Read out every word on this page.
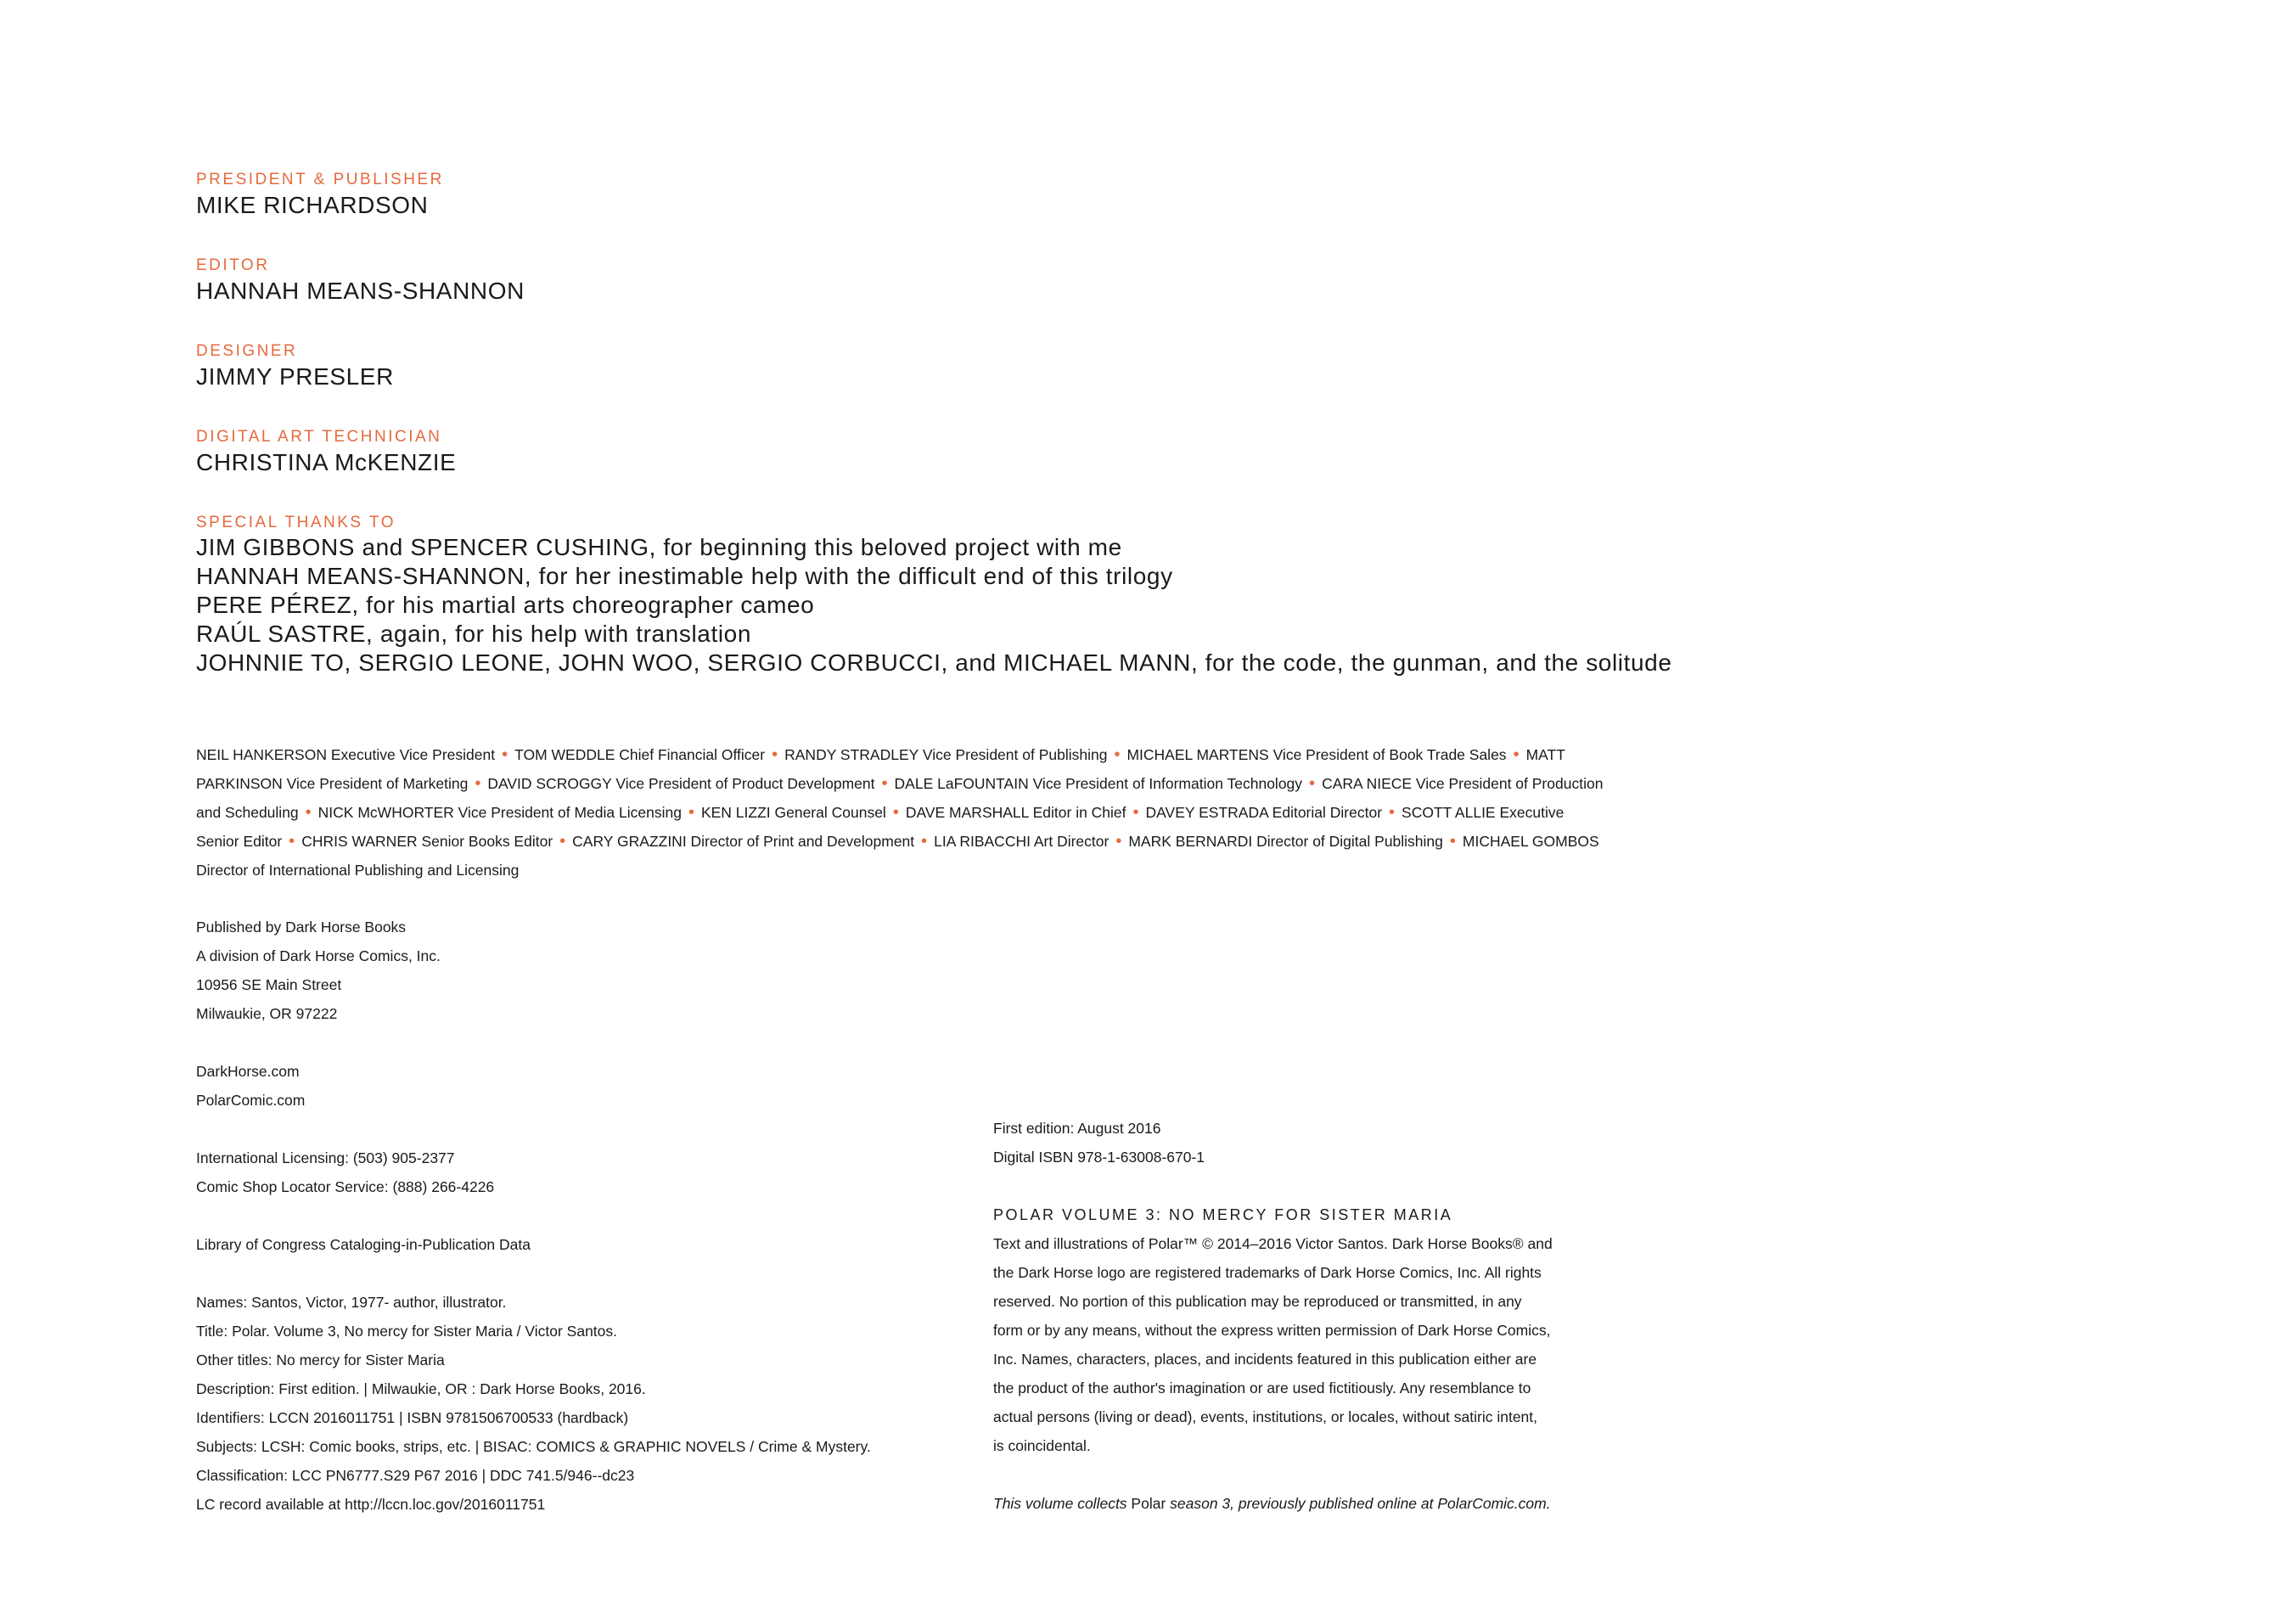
PRESIDENT & PUBLISHER
MIKE RICHARDSON
EDITOR
HANNAH MEANS-SHANNON
DESIGNER
JIMMY PRESLER
DIGITAL ART TECHNICIAN
CHRISTINA McKENZIE
SPECIAL THANKS TO
JIM GIBBONS and SPENCER CUSHING, for beginning this beloved project with me
HANNAH MEANS-SHANNON, for her inestimable help with the difficult end of this trilogy
PERE PÉREZ, for his martial arts choreographer cameo
RAÚL SASTRE, again, for his help with translation
JOHNNIE TO, SERGIO LEONE, JOHN WOO, SERGIO CORBUCCI, and MICHAEL MANN, for the code, the gunman, and the solitude
NEIL HANKERSON Executive Vice President • TOM WEDDLE Chief Financial Officer • RANDY STRADLEY Vice President of Publishing • MICHAEL MARTENS Vice President of Book Trade Sales • MATT PARKINSON Vice President of Marketing • DAVID SCROGGY Vice President of Product Development • DALE LaFOUNTAIN Vice President of Information Technology • CARA NIECE Vice President of Production and Scheduling • NICK McWHORTER Vice President of Media Licensing • KEN LIZZI General Counsel • DAVE MARSHALL Editor in Chief • DAVEY ESTRADA Editorial Director • SCOTT ALLIE Executive Senior Editor • CHRIS WARNER Senior Books Editor • CARY GRAZZINI Director of Print and Development • LIA RIBACCHI Art Director • MARK BERNARDI Director of Digital Publishing • MICHAEL GOMBOS Director of International Publishing and Licensing
Published by Dark Horse Books
A division of Dark Horse Comics, Inc.
10956 SE Main Street
Milwaukie, OR 97222
DarkHorse.com
PolarComic.com
International Licensing: (503) 905-2377
Comic Shop Locator Service: (888) 266-4226
Library of Congress Cataloging-in-Publication Data
Names: Santos, Victor, 1977- author, illustrator.
Title: Polar. Volume 3, No mercy for Sister Maria / Victor Santos.
Other titles: No mercy for Sister Maria
Description: First edition. | Milwaukie, OR : Dark Horse Books, 2016.
Identifiers: LCCN 2016011751 | ISBN 9781506700533 (hardback)
Subjects: LCSH: Comic books, strips, etc. | BISAC: COMICS & GRAPHIC NOVELS / Crime & Mystery.
Classification: LCC PN6777.S29 P67 2016 | DDC 741.5/946--dc23
LC record available at http://lccn.loc.gov/2016011751
First edition: August 2016
Digital ISBN 978-1-63008-670-1
POLAR VOLUME 3: NO MERCY FOR SISTER MARIA
Text and illustrations of Polar™ © 2014–2016 Victor Santos. Dark Horse Books® and
the Dark Horse logo are registered trademarks of Dark Horse Comics, Inc. All rights
reserved. No portion of this publication may be reproduced or transmitted, in any
form or by any means, without the express written permission of Dark Horse Comics,
Inc. Names, characters, places, and incidents featured in this publication either are
the product of the author's imagination or are used fictitiously. Any resemblance to
actual persons (living or dead), events, institutions, or locales, without satiric intent,
is coincidental.
This volume collects Polar season 3, previously published online at PolarComic.com.
